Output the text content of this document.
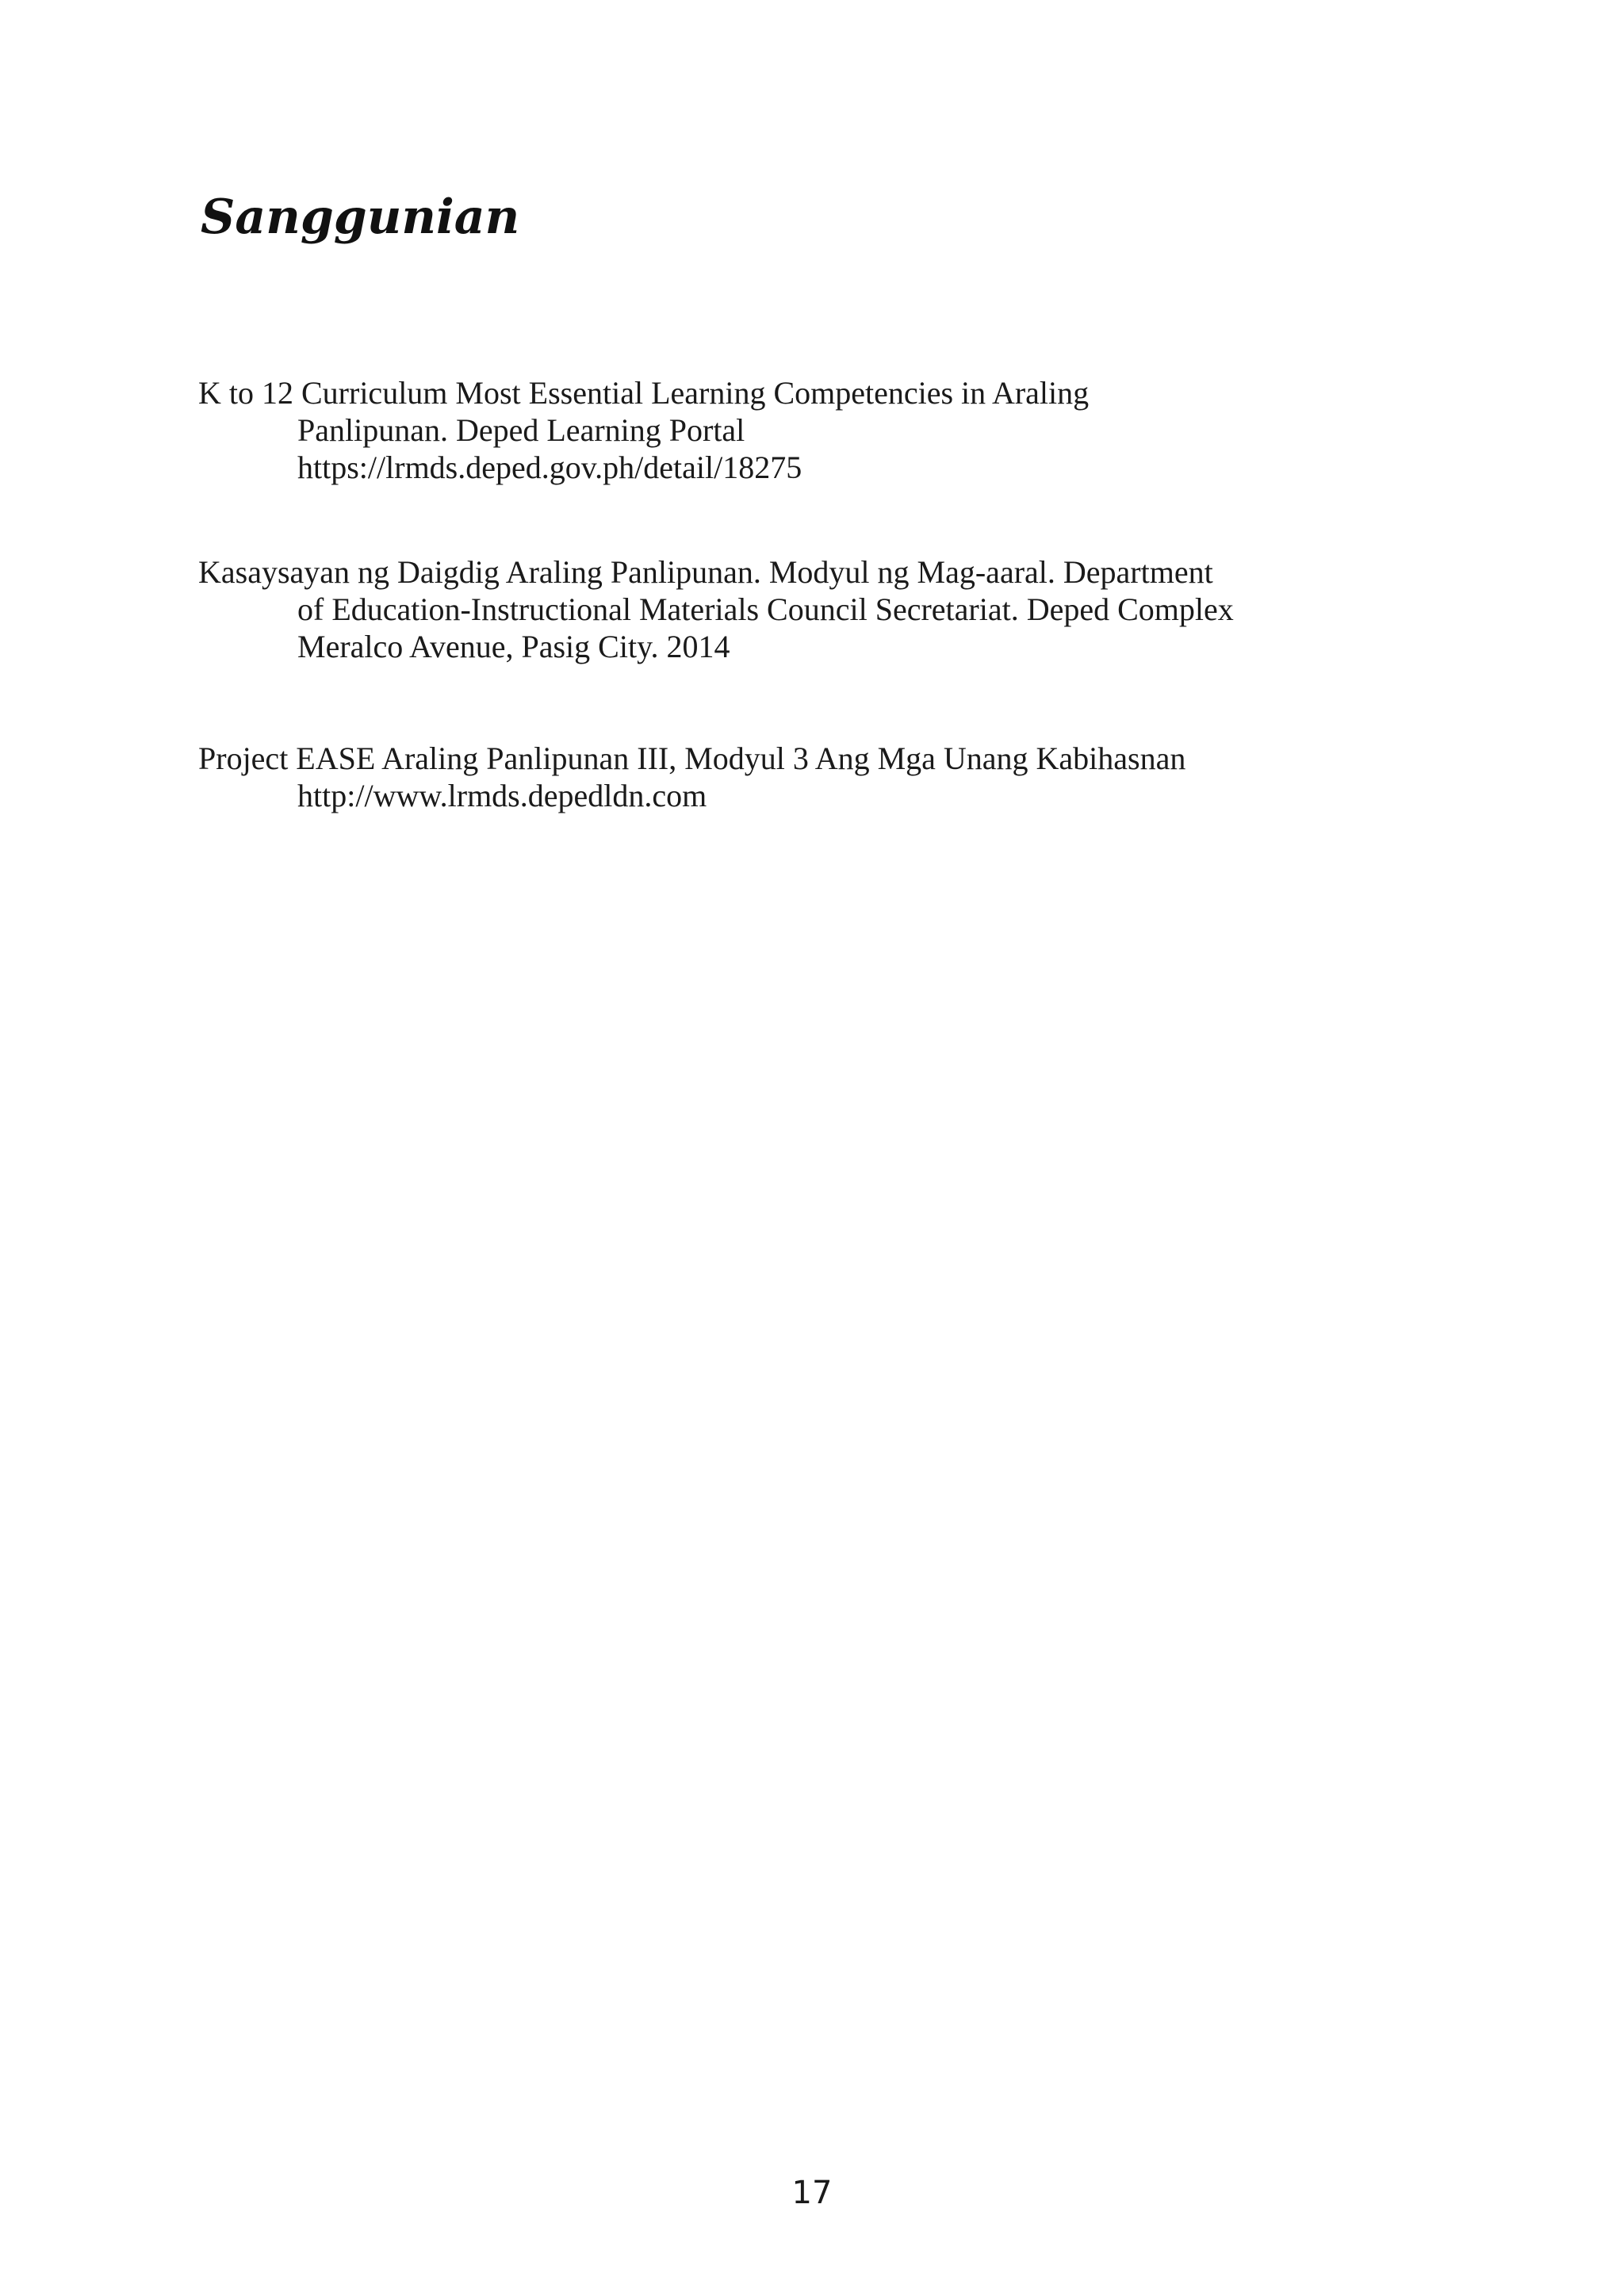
Sanggunian
K to 12 Curriculum Most Essential Learning Competencies in Araling
Panlipunan. Deped Learning Portal
https://lrmds.deped.gov.ph/detail/18275
Kasaysayan ng Daigdig Araling Panlipunan. Modyul ng Mag-aaral. Department
of Education-Instructional Materials Council Secretariat. Deped Complex
Meralco Avenue, Pasig City. 2014
Project EASE Araling Panlipunan III, Modyul 3 Ang Mga Unang Kabihasnan
http://www.lrmds.depedldn.com
17
